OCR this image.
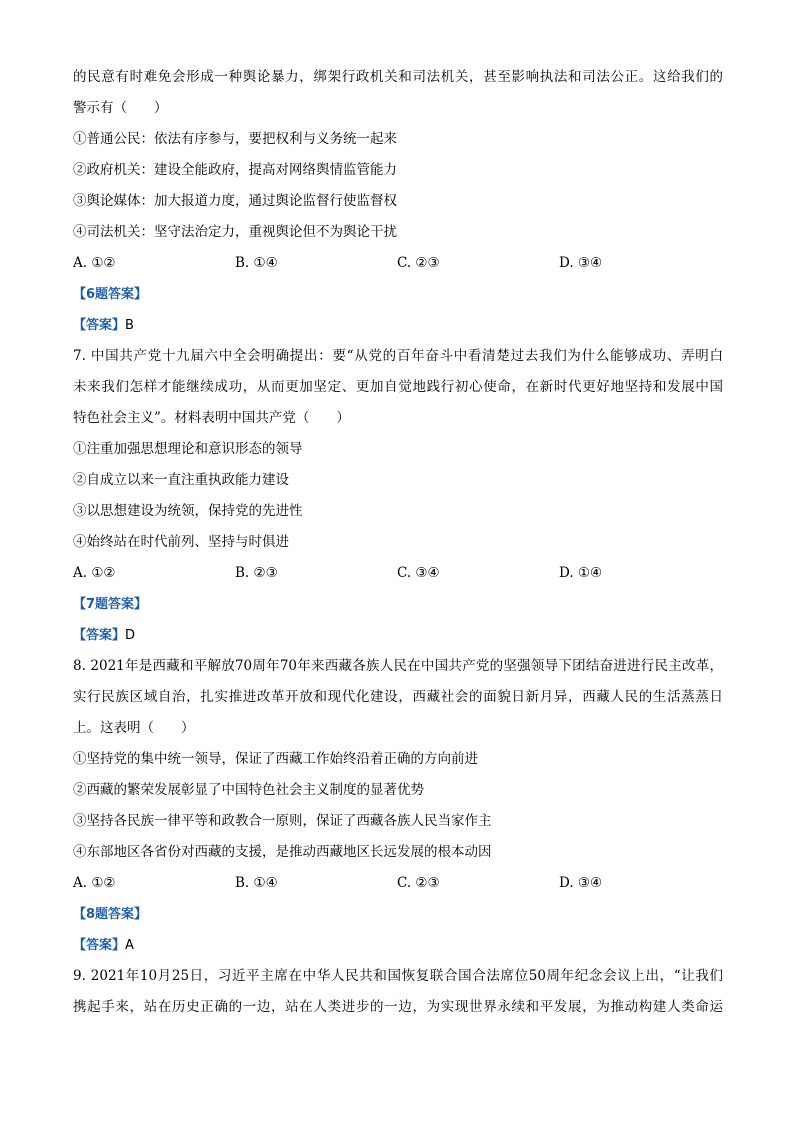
的民意有时难免会形成一种舆论暴力，绑架行政机关和司法机关，甚至影响执法和司法公正。这给我们的
警示有（　　）
①普通公民：依法有序参与，要把权利与义务统一起来
②政府机关：建设全能政府，提高对网络舆情监管能力
③舆论媒体：加大报道力度，通过舆论监督行使监督权
④司法机关：坚守法治定力，重视舆论但不为舆论干扰
A. ①②	B. ①④	C. ②③	D. ③④
【6题答案】
【答案】B
7. 中国共产党十九届六中全会明确提出：要“从党的百年奋斗中看清楚过去我们为什么能够成功、弄明白
未来我们怎样才能继续成功，从而更加坚定、更加自觉地践行初心使命，在新时代更好地坚持和发展中国
特色社会主义”。材料表明中国共产党（　　）
①注重加强思想理论和意识形态的领导
②自成立以来一直注重执政能力建设
③以思想建设为统领，保持党的先进性
④始终站在时代前列、坚持与时俱进
A. ①②	B. ②③	C. ③④	D. ①④
【7题答案】
【答案】D
8. 2021年是西藏和平解放70周年70年来西藏各族人民在中国共产党的坚强领导下团结奋进进行民主改革，
实行民族区域自治，扎实推进改革开放和现代化建设，西藏社会的面貌日新月异，西藏人民的生活蒸蒸日
上。这表明（　　）
①坚持党的集中统一领导，保证了西藏工作始终沿着正确的方向前进
②西藏的繁荣发展彰显了中国特色社会主义制度的显著优势
③坚持各民族一律平等和政教合一原则，保证了西藏各族人民当家作主
④东部地区各省份对西藏的支援，是推动西藏地区长远发展的根本动因
A. ①②	B. ①④	C. ②③	D. ③④
【8题答案】
【答案】A
9. 2021年10月25日，习近平主席在中华人民共和国恢复联合国合法席位50周年纪念会议上出，“让我们
携起手来，站在历史正确的一边，站在人类进步的一边，为实现世界永续和平发展，为推动构建人类命运
